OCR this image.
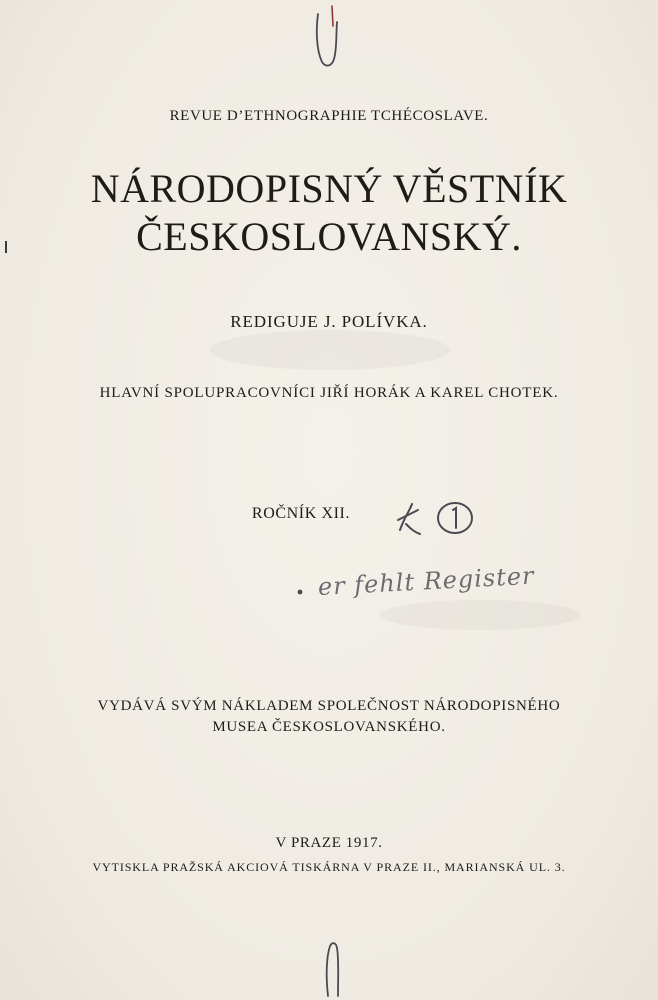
REVUE D’ETHNOGRAPHIE TCHÉCOSLAVE.
NÁRODOPISNÝ VĚSTNÍK
ČESKOSLOVANSKÝ.
REDIGUJE J. POLÍVKA.
HLAVNÍ SPOLUPRACOVNÍCI JIŘÍ HORÁK A KAREL CHOTEK.
ROČNÍK XII.
er fehlt Register
VYDÁVÁ SVÝM NÁKLADEM SPOLEČNOST NÁRODOPISNÉHO
MUSEA ČESKOSLOVANSKÉHO.
V PRAZE 1917.
VYTISKLA PRAŽSKÁ AKCIOVÁ TISKÁRNA V PRAZE II., MARIANSKÁ UL. 3.
